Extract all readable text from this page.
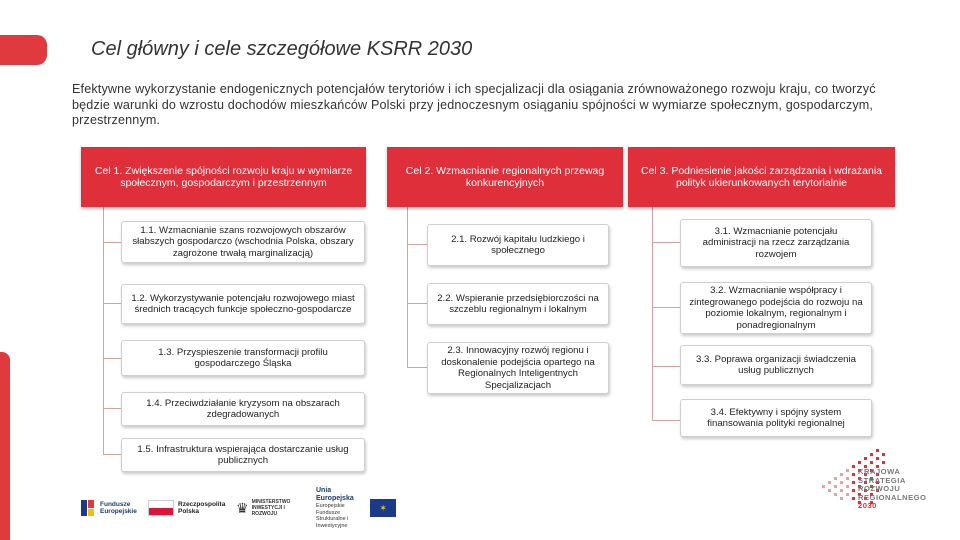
Cel główny i cele szczegółowe KSRR 2030

Efektywne wykorzystanie endogenicznych potencjałów terytoriów i ich specjalizacji dla osiągania zrównoważonego rozwoju kraju, co tworzyć będzie warunki do wzrostu dochodów mieszkańców Polski przy jednoczesnym osiąganiu spójności w wymiarze społecznym, gospodarczym, przestrzennym.

Cel 1. Zwiększenie spójności rozwoju kraju w wymiarze społecznym, gospodarczym i przestrzennym
Cel 2. Wzmacnianie regionalnych przewag konkurencyjnych
Cel 3. Podniesienie jakości zarządzania i wdrażania polityk ukierunkowanych terytorialnie
1.1. Wzmacnianie szans rozwojowych obszarów słabszych gospodarczo (wschodnia Polska, obszary zagrożone trwałą marginalizacją)
1.2. Wykorzystywanie potencjału rozwojowego miast średnich tracących funkcje społeczno-gospodarcze
1.3. Przyspieszenie transformacji profilu gospodarczego Śląska
1.4. Przeciwdziałanie kryzysom na obszarach zdegradowanych
1.5. Infrastruktura wspierająca dostarczanie usług publicznych
2.1. Rozwój kapitału ludzkiego i społecznego
2.2. Wspieranie przedsiębiorczości na szczeblu regionalnym i lokalnym
2.3. Innowacyjny rozwój regionu i doskonalenie podejścia opartego na Regionalnych Inteligentnych Specjalizacjach
3.1. Wzmacnianie potencjału administracji na rzecz zarządzania rozwojem
3.2. Wzmacnianie współpracy i zintegrowanego podejścia do rozwoju na poziomie lokalnym, regionalnym i ponadregionalnym
3.3. Poprawa organizacji świadczenia usług publicznych
3.4. Efektywny i spójny system finansowania polityki regionalnej
Fundusze Europejskie
Rzeczpospolita Polska	♛ MINISTERSTWO INWESTYCJI I ROZWOJU
Unia Europejska
Europejskie Fundusze Strukturalne i Inwestycyjne
✶

KRAJOWA
STRATEGIA
ROZWOJU
REGIONALNEGO
2030
